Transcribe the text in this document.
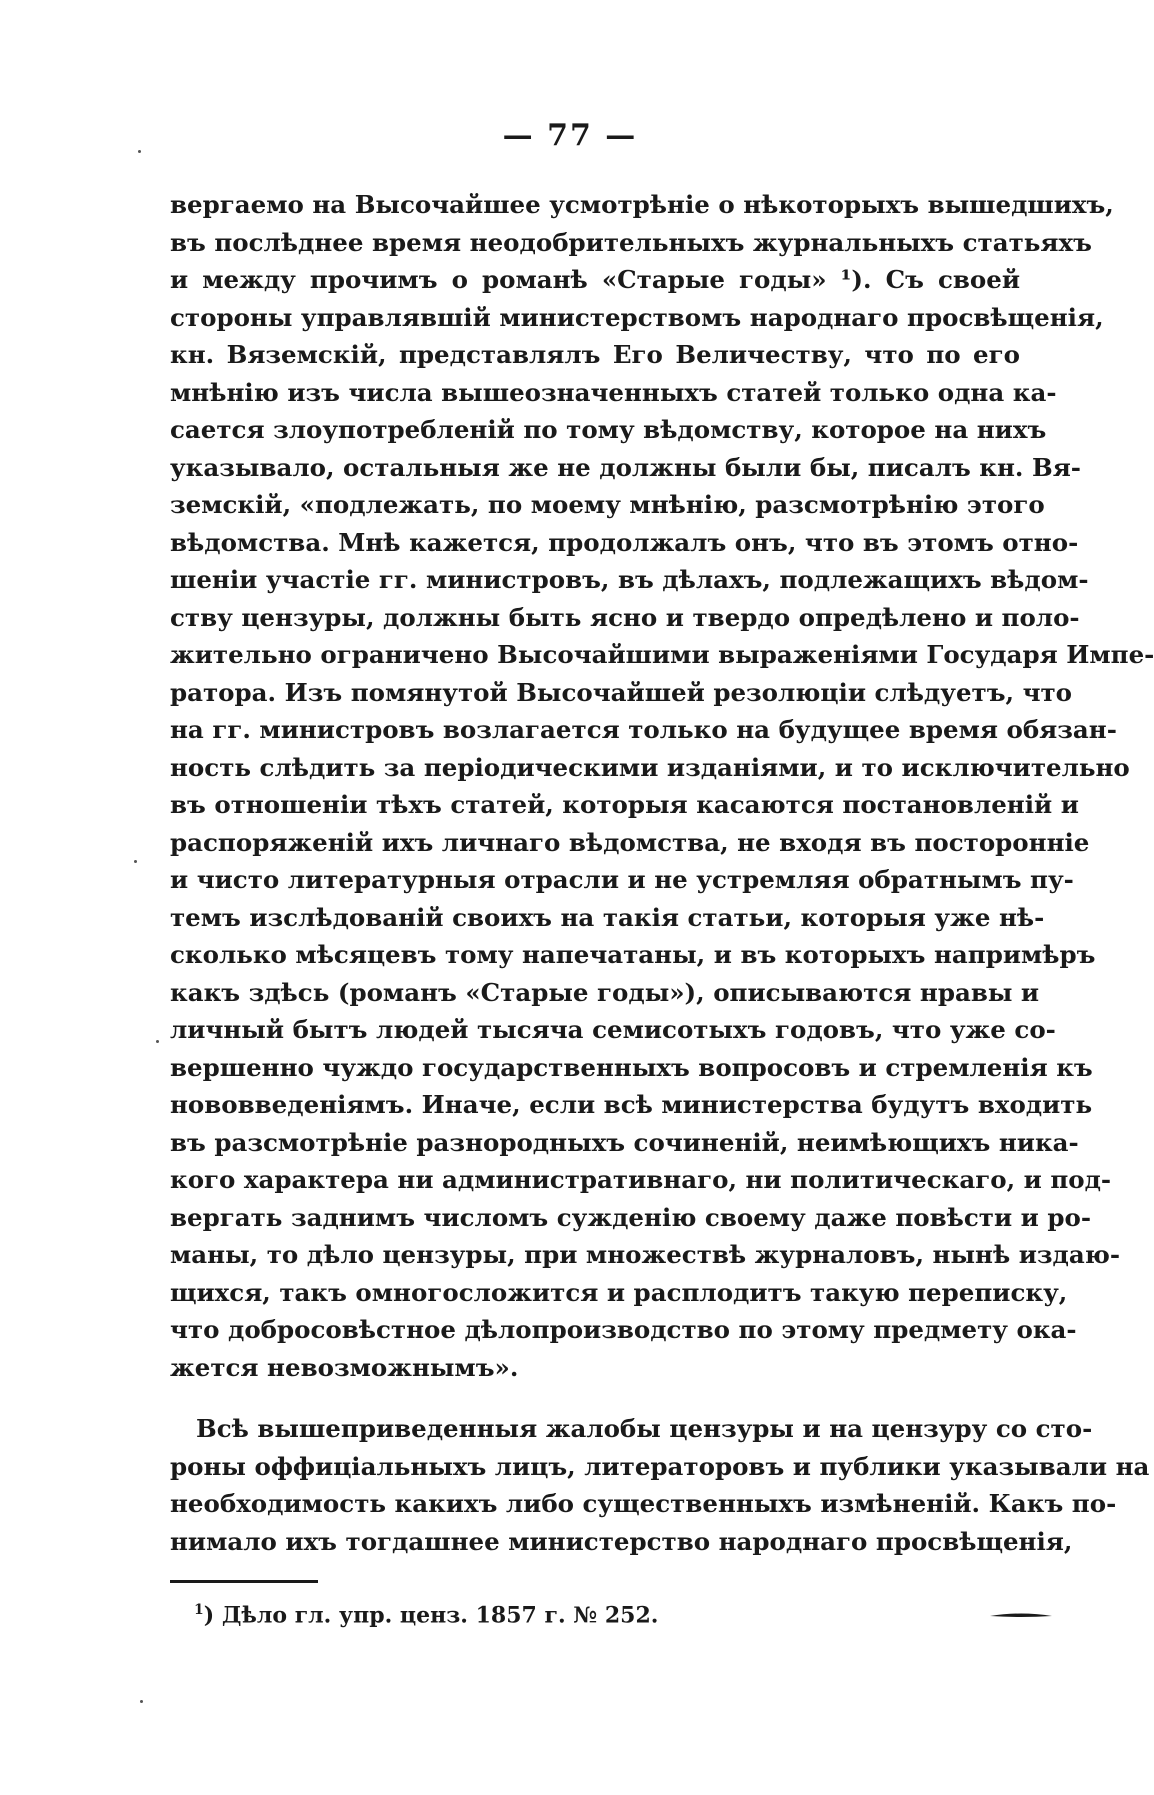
— 77 —
вергаемо на Высочайшее усмотрѣніе о нѣкоторыхъ вышедшихъ,
въ послѣднее время неодобрительныхъ журнальныхъ статьяхъ
и между прочимъ о романѣ «Старые годы» ¹). Съ своей
стороны управлявшій министерствомъ народнаго просвѣщенія,
кн. Вяземскій, представлялъ Его Величеству, что по его
мнѣнію изъ числа вышеозначенныхъ статей только одна ка-
сается злоупотребленій по тому вѣдомству, которое на нихъ
указывало, остальныя же не должны были бы, писалъ кн. Вя-
земскій, «подлежать, по моему мнѣнію, разсмотрѣнію этого
вѣдомства. Мнѣ кажется, продолжалъ онъ, что въ этомъ отно-
шеніи участіе гг. министровъ, въ дѣлахъ, подлежащихъ вѣдом-
ству цензуры, должны быть ясно и твердо опредѣлено и поло-
жительно ограничено Высочайшими выраженіями Государя Импе-
ратора. Изъ помянутой Высочайшей резолюціи слѣдуетъ, что
на гг. министровъ возлагается только на будущее время обязан-
ность слѣдить за періодическими изданіями, и то исключительно
въ отношеніи тѣхъ статей, которыя касаются постановленій и
распоряженій ихъ личнаго вѣдомства, не входя въ посторонніе
и чисто литературныя отрасли и не устремляя обратнымъ пу-
темъ изслѣдованій своихъ на такія статьи, которыя уже нѣ-
сколько мѣсяцевъ тому напечатаны, и въ которыхъ напримѣръ
какъ здѣсь (романъ «Старые годы»), описываются нравы и
личный бытъ людей тысяча семисотыхъ годовъ, что уже со-
вершенно чуждо государственныхъ вопросовъ и стремленія къ
нововведеніямъ. Иначе, если всѣ министерства будутъ входить
въ разсмотрѣніе разнородныхъ сочиненій, неимѣющихъ ника-
кого характера ни административнаго, ни политическаго, и под-
вергать заднимъ числомъ сужденію своему даже повѣсти и ро-
маны, то дѣло цензуры, при множествѣ журналовъ, нынѣ издаю-
щихся, такъ омногосложится и расплодитъ такую переписку,
что добросовѣстное дѣлопроизводство по этому предмету ока-
жется невозможнымъ».
Всѣ вышеприведенныя жалобы цензуры и на цензуру со сто-
роны оффиціальныхъ лицъ, литераторовъ и публики указывали на
необходимость какихъ либо существенныхъ измѣненій. Какъ по-
нимало ихъ тогдашнее министерство народнаго просвѣщенія,
$^1$) Дѣло гл. упр. ценз. 1857 г. № 252.
